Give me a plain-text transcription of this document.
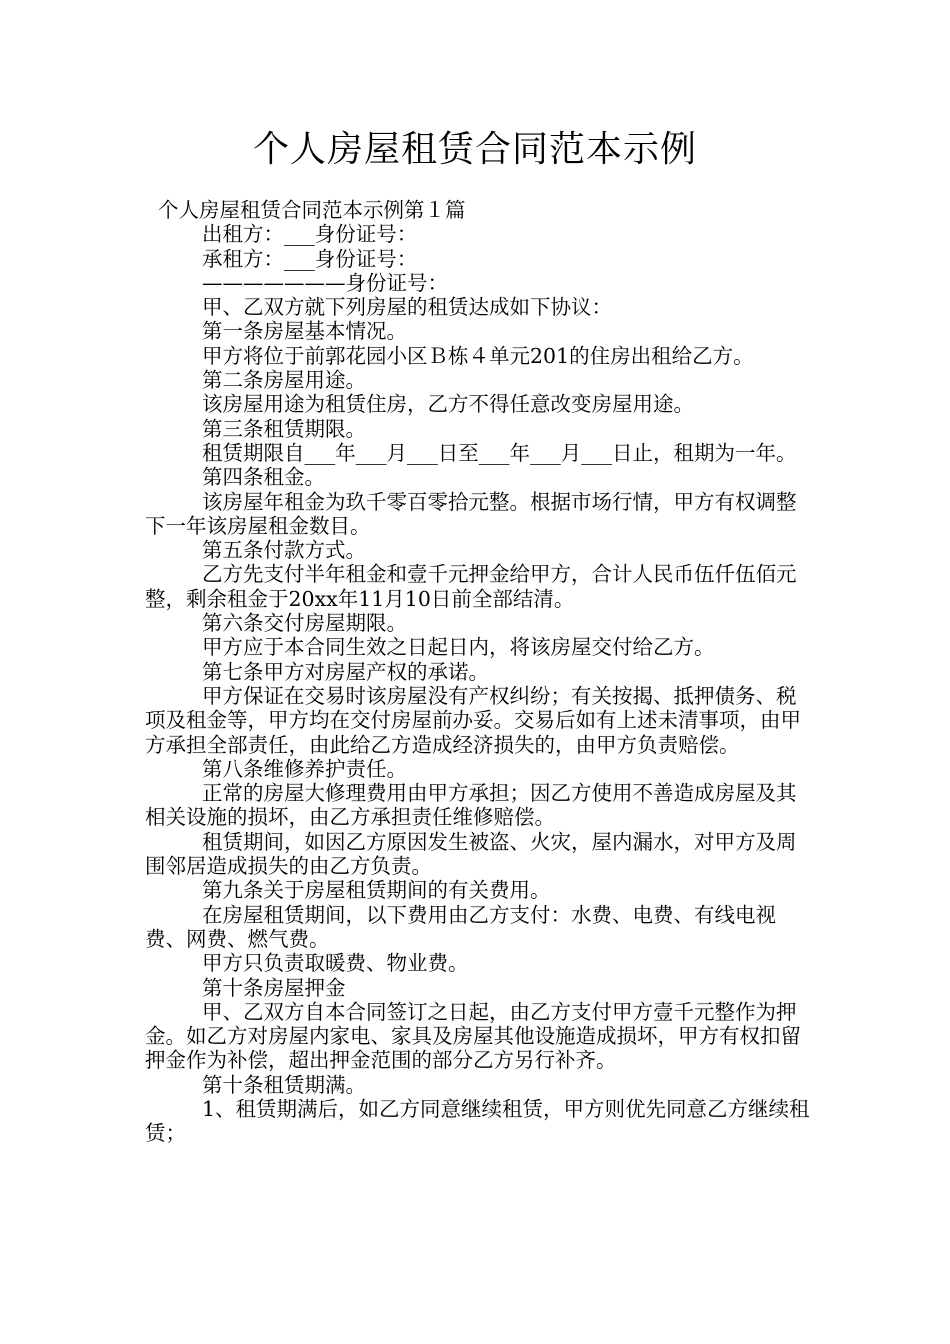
个人房屋租赁合同范本示例

个人房屋租赁合同范本示例第１篇

出租方：___身份证号：

承租方：___身份证号：

———————身份证号：

甲、乙双方就下列房屋的租赁达成如下协议：

第一条房屋基本情况。

甲方将位于前郭花园小区Ｂ栋４单元201的住房出租给乙方。

第二条房屋用途。

该房屋用途为租赁住房，乙方不得任意改变房屋用途。

第三条租赁期限。

租赁期限自___年___月___日至___年___月___日止，租期为一年。

第四条租金。

该房屋年租金为玖千零百零拾元整。根据市场行情，甲方有权调整下一年该房屋租金数目。

第五条付款方式。

乙方先支付半年租金和壹千元押金给甲方，合计人民币伍仟伍佰元整，剩余租金于20xx年11月10日前全部结清。

第六条交付房屋期限。

甲方应于本合同生效之日起日内，将该房屋交付给乙方。

第七条甲方对房屋产权的承诺。

甲方保证在交易时该房屋没有产权纠纷；有关按揭、抵押债务、税项及租金等，甲方均在交付房屋前办妥。交易后如有上述未清事项，由甲方承担全部责任，由此给乙方造成经济损失的，由甲方负责赔偿。

第八条维修养护责任。

正常的房屋大修理费用由甲方承担；因乙方使用不善造成房屋及其相关设施的损坏，由乙方承担责任维修赔偿。

租赁期间，如因乙方原因发生被盗、火灾，屋内漏水，对甲方及周围邻居造成损失的由乙方负责。

第九条关于房屋租赁期间的有关费用。

在房屋租赁期间，以下费用由乙方支付：水费、电费、有线电视费、网费、燃气费。

甲方只负责取暖费、物业费。

第十条房屋押金

甲、乙双方自本合同签订之日起，由乙方支付甲方壹千元整作为押金。如乙方对房屋内家电、家具及房屋其他设施造成损坏，甲方有权扣留押金作为补偿，超出押金范围的部分乙方另行补齐。

第十条租赁期满。

1、租赁期满后，如乙方同意继续租赁，甲方则优先同意乙方继续租赁；
